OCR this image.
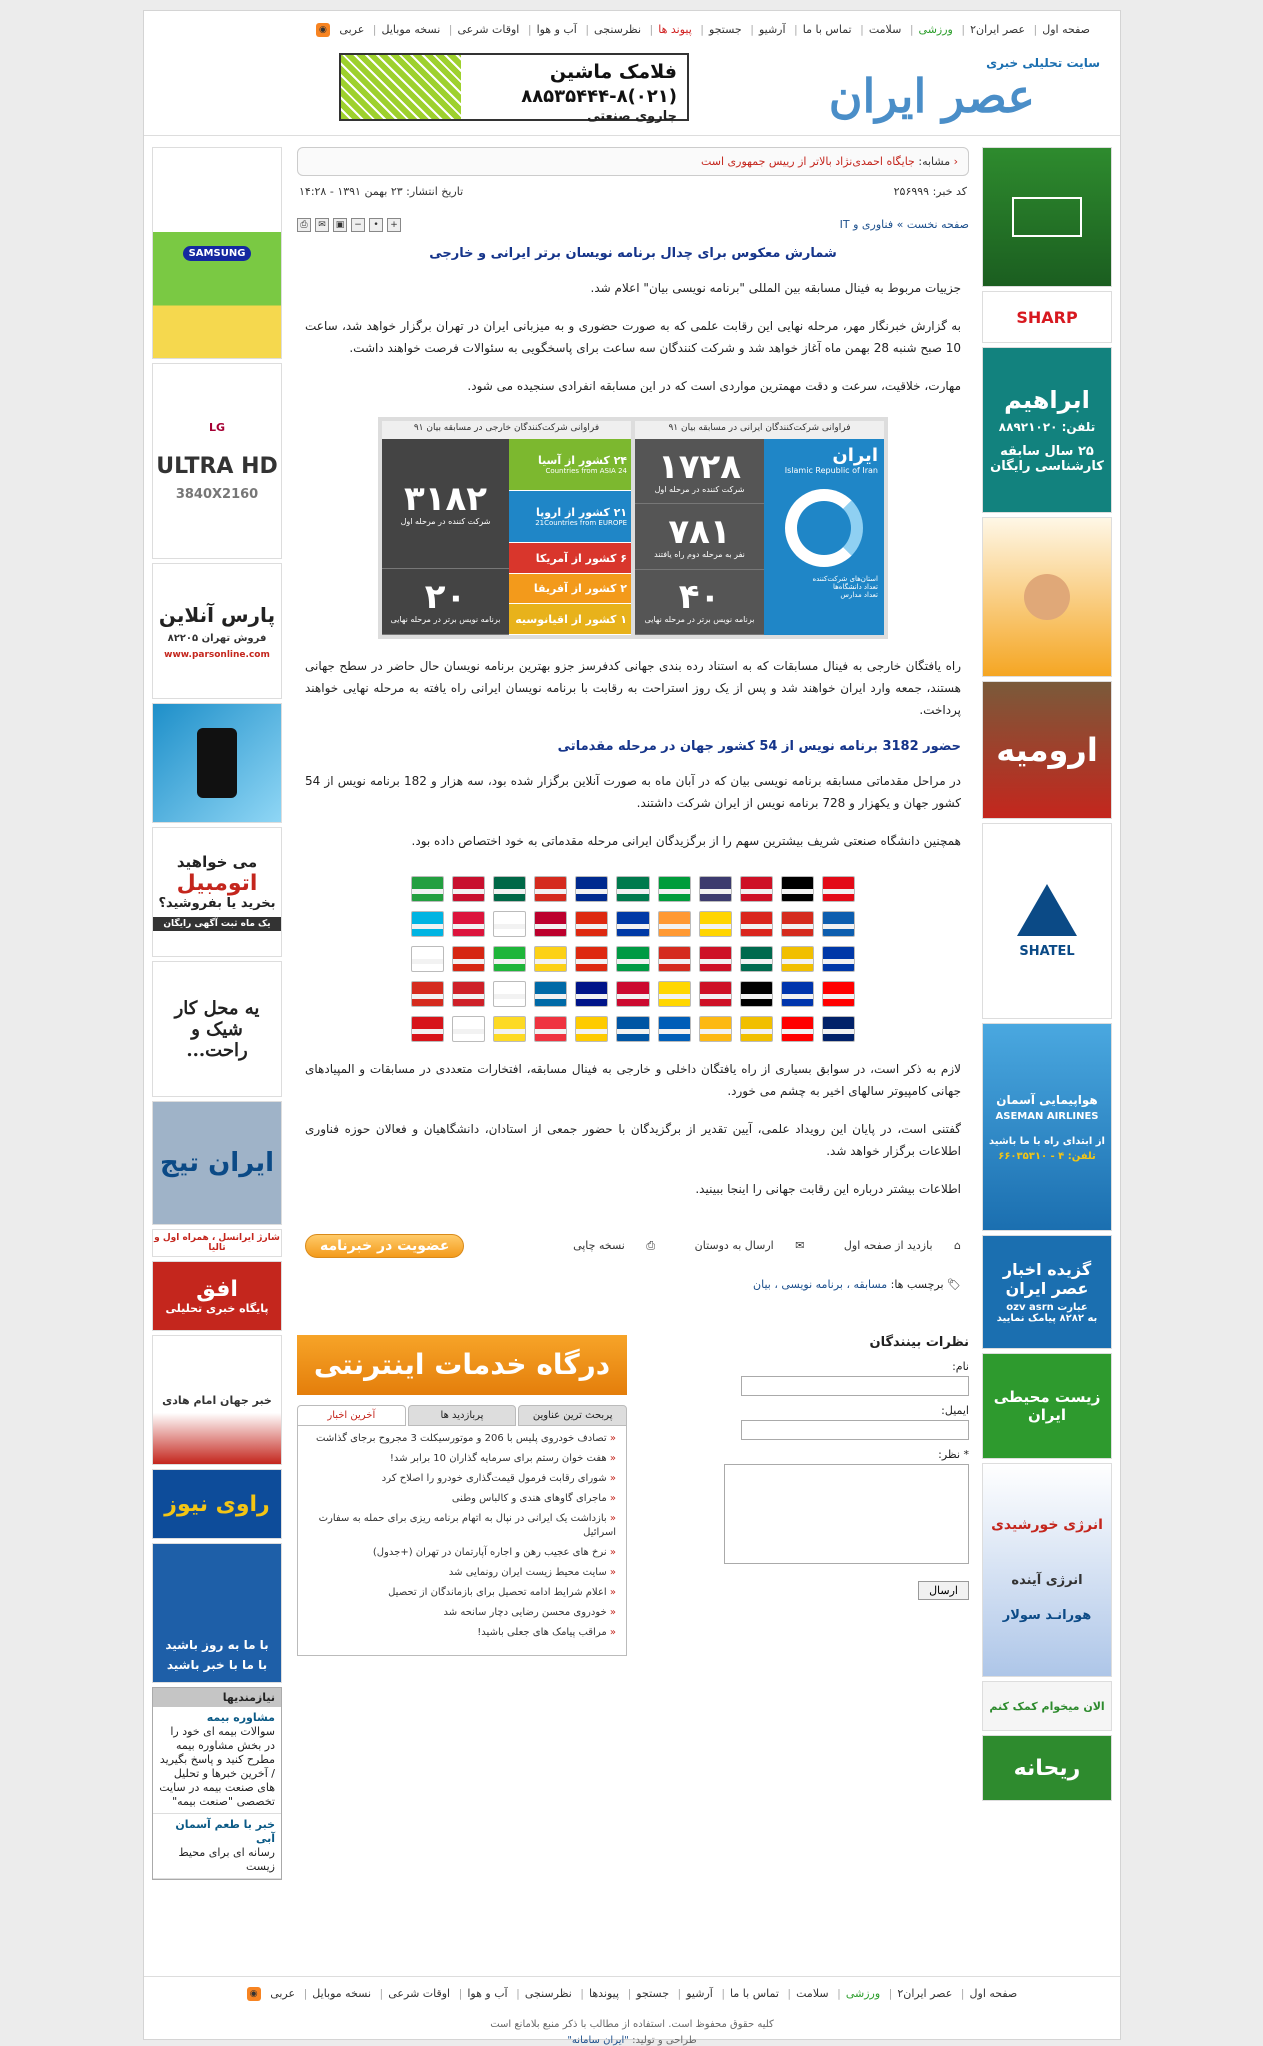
صفحه اول| عصر ایران۲| ورزشی| سلامت| تماس با ما| آرشیو| جستجو| پیوند ها| نظرسنجی| آب و هوا| اوقات شرعی| نسخه موبایل| عربی ◉
سایت تحلیلی خبری
عصر ایران
فلامک ماشین
(۰۲۱)۸۸۵۳۵۴۴۴-۸
جاروی صنعتی
SAMSUNG
LG
ULTRA HD
3840X2160
پارس آنلاین
فروش تهران ۸۲۲۰۵
www.parsonline.com
می خواهید
اتومبیل
بخرید یا بفروشید؟
یک ماه ثبت آگهی رایگان
یه محل کار شیک و راحت...
ایران تیج
شارژ ایرانسل ، همراه اول و تالیا
افق
پایگاه خبری تحلیلی
خبر جهان امام هادی
راوی نیوز
با ما به روز باشید
با ما با خبر باشید
نیازمندیها
مشاوره بیمه
سوالات بیمه ای خود را در بخش مشاوره بیمه مطرح کنید و پاسخ بگیرید / آخرین خبرها و تحلیل های صنعت بیمه در سایت تخصصی "صنعت بیمه"
خبر با طعم آسمان آبی
رسانه ای برای محیط زیست
‹ مشابه: جایگاه احمدی‌نژاد بالاتر از رییس جمهوری است
کد خبر: ۲۵۶۹۹۹
تاریخ انتشار: ۲۳ بهمن ۱۳۹۱ - ۱۴:۲۸
صفحه نخست » فناوری و IT
⎙	✉	▣	−	•	+
شمارش معکوس برای چدال برنامه نویسان برتر ایرانی و خارجی
جزییات مربوط به فینال مسابقه بین المللی "برنامه نویسی بیان" اعلام شد.
به گزارش خبرنگار مهر، مرحله نهایی این رقابت علمی که به صورت حضوری و به میزبانی ایران در تهران برگزار خواهد شد، ساعت 10 صبح شنبه 28 بهمن ماه آغاز خواهد شد و شرکت کنندگان سه ساعت برای پاسخگویی به سئوالات فرصت خواهند داشت.
مهارت، خلاقیت، سرعت و دقت مهمترین مواردی است که در این مسابقه انفرادی سنجیده می شود.
فراوانی شرکت‌کنندگان ایرانی در مسابقه بیان ۹۱
ایران
Islamic Republic of Iran
استان‌های شرکت‌کننده
تعداد دانشگاه‌ها
تعداد مدارس
۱۷۲۸
شرکت کننده در مرحله اول
۷۸۱
نفر به مرحله دوم راه یافتند
۴۰
برنامه نویس برتر در مرحله نهایی
فراوانی شرکت‌کنندگان خارجی در مسابقه بیان ۹۱
۲۴ کشور از آسیا
24 Countries from ASIA
۲۱ کشور از اروپا
21Countries from EUROPE
۶ کشور از آمریکا
۲ کشور از آفریقا
۱ کشور از اقیانوسیه
۳۱۸۲
شرکت کننده در مرحله اول
۲۰
برنامه نویس برتر در مرحله نهایی
راه یافتگان خارجی به فینال مسابقات که به استناد رده بندی جهانی کدفرسز جزو بهترین برنامه نویسان حال حاضر در سطح جهانی هستند، جمعه وارد ایران خواهند شد و پس از یک روز استراحت به رقابت با برنامه نویسان ایرانی راه یافته به مرحله نهایی خواهند پرداخت.
حضور 3182 برنامه نویس از 54 کشور جهان در مرحله مقدماتی
در مراحل مقدماتی مسابقه برنامه نویسی بیان که در آبان ماه به صورت آنلاین برگزار شده بود، سه هزار و 182 برنامه نویس از 54 کشور جهان و یکهزار و 728 برنامه نویس از ایران شرکت داشتند.
همچنین دانشگاه صنعتی شریف بیشترین سهم را از برگزیدگان ایرانی مرحله مقدماتی به خود اختصاص داده بود.
لازم به ذکر است، در سوابق بسیاری از راه یافتگان داخلی و خارجی به فینال مسابقه، افتخارات متعددی در مسابقات و المپیادهای جهانی کامپیوتر سالهای اخیر به چشم می خورد.
گفتنی است، در پایان این رویداد علمی، آیین تقدیر از برگزیدگان با حضور جمعی از استادان، دانشگاهیان و فعالان حوزه فناوری اطلاعات برگزار خواهد شد.
اطلاعات بیشتر درباره این رقابت جهانی را اینجا ببینید.
⌂ بازدید از صفحه اول ✉ ارسال به دوستان ⎙ نسخه چاپی
عضویت در خبرنامه
🏷 برچسب ها: مسابقه ، برنامه نویسی ، بیان
نظرات بینندگان
نام:
ایمیل:
* نظر:
ارسال
درگاه خدمات اینترنتی
پربحث ترین عناوین
پربازدید ها
آخرین اخبار
« تصادف خودروی پلیس با 206 و موتورسیکلت 3 مجروح برجای گذاشت
« هفت خوان رستم برای سرمایه گذاران 10 برابر شد!
« شورای رقابت فرمول قیمت‌گذاری خودرو را اصلاح کرد
« ماجرای گاوهای هندی و کالباس وطنی
« بازداشت یک ایرانی در نپال به اتهام برنامه ریزی برای حمله به سفارت اسرائیل
« نرخ های عجیب رهن و اجاره آپارتمان در تهران (+جدول)
« سایت محیط زیست ایران رونمایی شد
« اعلام شرایط ادامه تحصیل برای بازماندگان از تحصیل
« خودروی محسن رضایی دچار سانحه شد
« مراقب پیامک های جعلی باشید!
SHARP
ابراهیم
تلفن: ۸۸۹۲۱۰۲۰
۲۵ سال سابقه کارشناسی رایگان
ارومیه
SHATEL
هواپیمایی آسمان
ASEMAN AIRLINES
از ابتدای راه با ما باشید
تلفن: ۴ - ۶۶۰۳۵۳۱۰
گزیده اخبار
عصر ایران
عبارت ozv asrn
به ۸۲۸۲ پیامک نمایید
زیست محیطی
ایران
انرژی خورشیدی
انرژی آینده
هورانـد سولار
الان میخوام کمک کنم
ریحانه
صفحه اول| عصر ایران۲| ورزشی| سلامت| تماس با ما| آرشیو| جستجو| پیوندها| نظرسنجی| آب و هوا| اوقات شرعی| نسخه موبایل| عربی ◉
کلیه حقوق محفوظ است. استفاده از مطالب با ذکر منبع بلامانع است
طراحی و تولید: "ایران سامانه"
